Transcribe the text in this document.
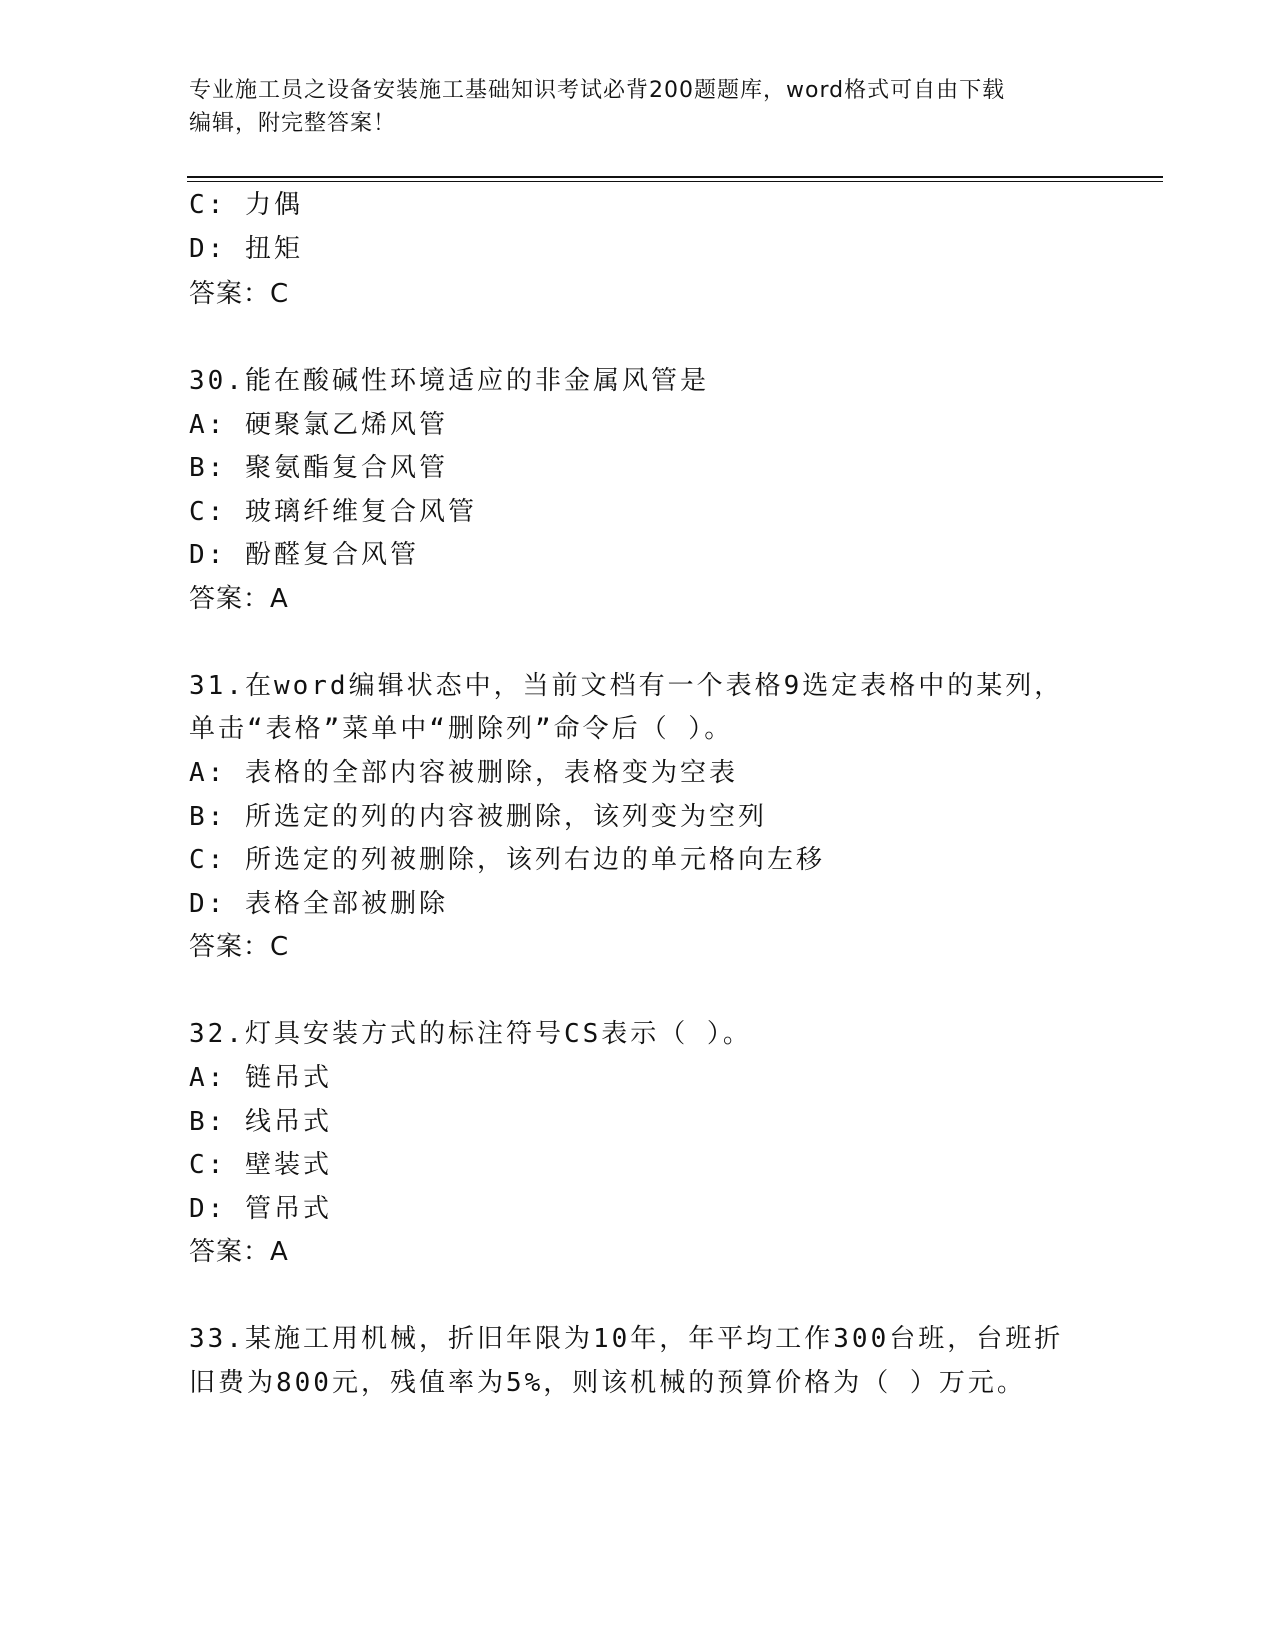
专业施工员之设备安装施工基础知识考试必背200题题库，word格式可自由下载
编辑，附完整答案！
C: 力偶
D: 扭矩
答案：C
30.能在酸碱性环境适应的非金属风管是
A: 硬聚氯乙烯风管
B: 聚氨酯复合风管
C: 玻璃纤维复合风管
D: 酚醛复合风管
答案：A
31.在word编辑状态中，当前文档有一个表格9选定表格中的某列，
单击“表格”菜单中“删除列”命令后（ ）。
A: 表格的全部内容被删除，表格变为空表
B: 所选定的列的内容被删除，该列变为空列
C: 所选定的列被删除，该列右边的单元格向左移
D: 表格全部被删除
答案：C
32.灯具安装方式的标注符号CS表示（ ）。
A: 链吊式
B: 线吊式
C: 壁装式
D: 管吊式
答案：A
33.某施工用机械，折旧年限为10年，年平均工作300台班，台班折
旧费为800元，残值率为5%，则该机械的预算价格为（ ）万元。
